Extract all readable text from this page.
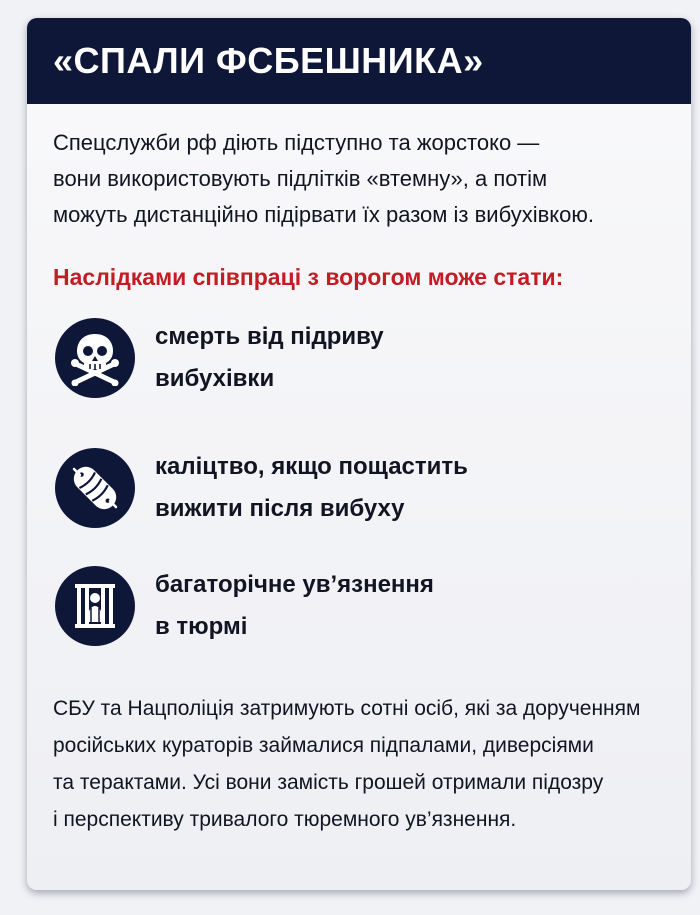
«СПАЛИ ФСБЕШНИКА»

Спецслужби рф діють підступно та жорстоко —
вони використовують підлітків «втемну», а потім
можуть дистанційно підірвати їх разом із вибухівкою.

Наслідками співпраці з ворогом може стати:
смерть від підриву
вибухівки
каліцтво, якщо пощастить
вижити після вибуху
багаторічне ув’язнення
в тюрмі

СБУ та Нацполіція затримують сотні осіб, які за дорученням
російських кураторів займалися підпалами, диверсіями
та терактами. Усі вони замість грошей отримали підозру
і перспективу тривалого тюремного ув’язнення.
